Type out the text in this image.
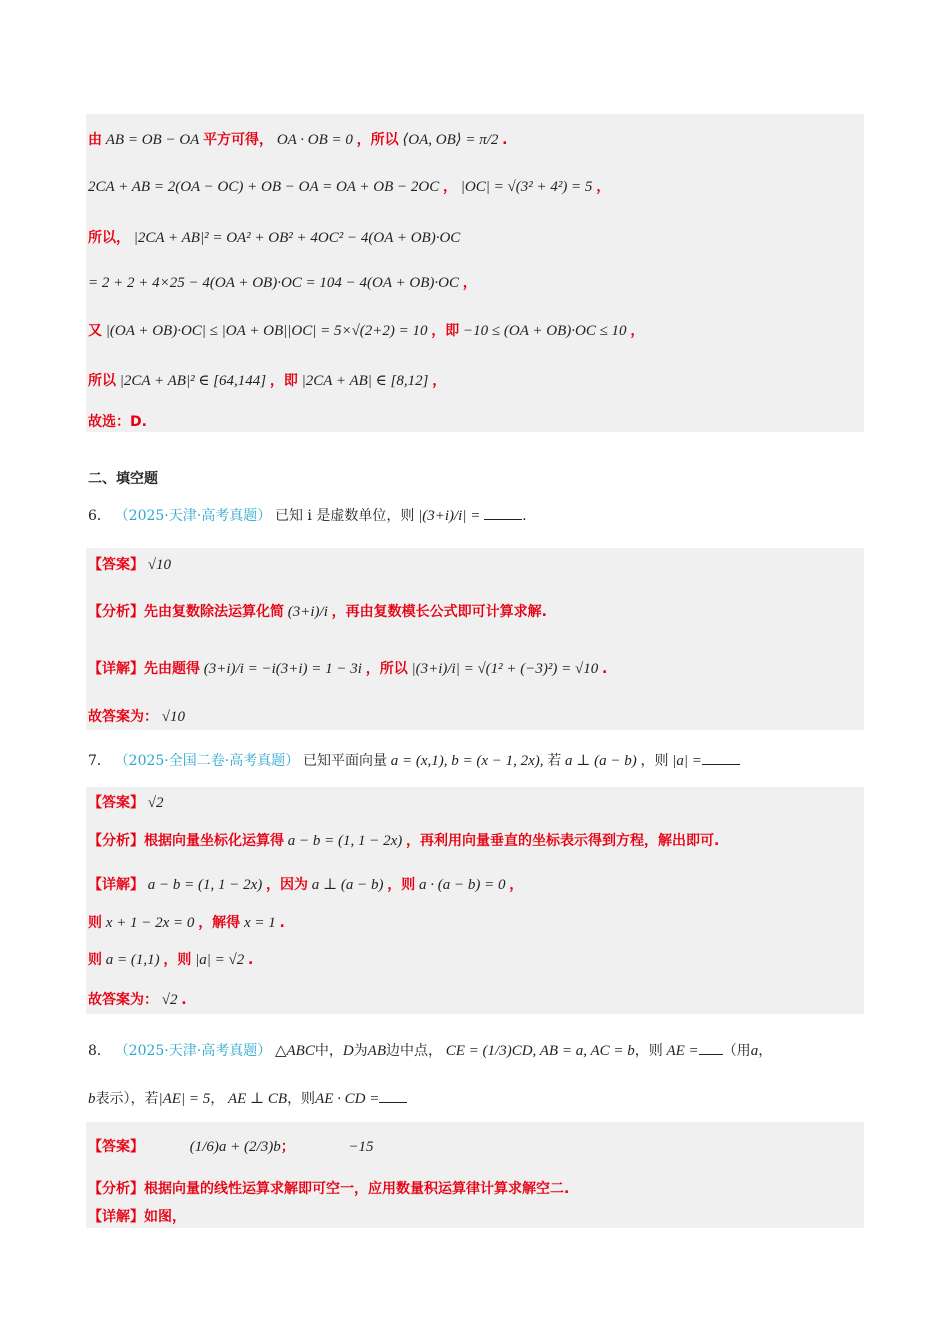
由 AB = OB − OA 平方可得， OA · OB = 0 ，所以 ⟨OA, OB⟩ = π/2 .
2CA + AB = 2(OA − OC) + OB − OA = OA + OB − 2OC ， |OC| = √(3² + 4²) = 5 ，
所以， |2CA + AB|² = OA² + OB² + 4OC² − 4(OA + OB)·OC
= 2 + 2 + 4×25 − 4(OA + OB)·OC = 104 − 4(OA + OB)·OC ，
又 |(OA + OB)·OC| ≤ |OA + OB||OC| = 5×√(2+2) = 10 ，即 −10 ≤ (OA + OB)·OC ≤ 10 ，
所以 |2CA + AB|² ∈ [64,144] ，即 |2CA + AB| ∈ [8,12] ，
故选：D.
二、填空题
6． （2025·天津·高考真题） 已知 i 是虚数单位，则 |(3+i)/i| =	.
【答案】 √10
【分析】先由复数除法运算化简 (3+i)/i ，再由复数模长公式即可计算求解.
【详解】先由题得 (3+i)/i = −i(3+i) = 1 − 3i ，所以 |(3+i)/i| = √(1² + (−3)²) = √10 .
故答案为： √10
7． （2025·全国二卷·高考真题） 已知平面向量 a = (x,1), b = (x − 1, 2x), 若 a ⊥ (a − b) ，则 |a| =
【答案】 √2
【分析】根据向量坐标化运算得 a − b = (1, 1 − 2x) ，再利用向量垂直的坐标表示得到方程，解出即可.
【详解】 a − b = (1, 1 − 2x) ，因为 a ⊥ (a − b) ，则 a · (a − b) = 0 ，
则 x + 1 − 2x = 0 ，解得 x = 1 .
则 a = (1,1) ，则 |a| = √2 .
故答案为： √2 .
8． （2025·天津·高考真题） △ABC中，D为AB边中点， CE = (1/3)CD, AB = a, AC = b，则 AE = （用a，
b表示），若|AE| = 5， AE ⊥ CB，则AE · CD =
【答案】	(1/6)a + (2/3)b；	−15
【分析】根据向量的线性运算求解即可空一，应用数量积运算律计算求解空二.
【详解】如图，
